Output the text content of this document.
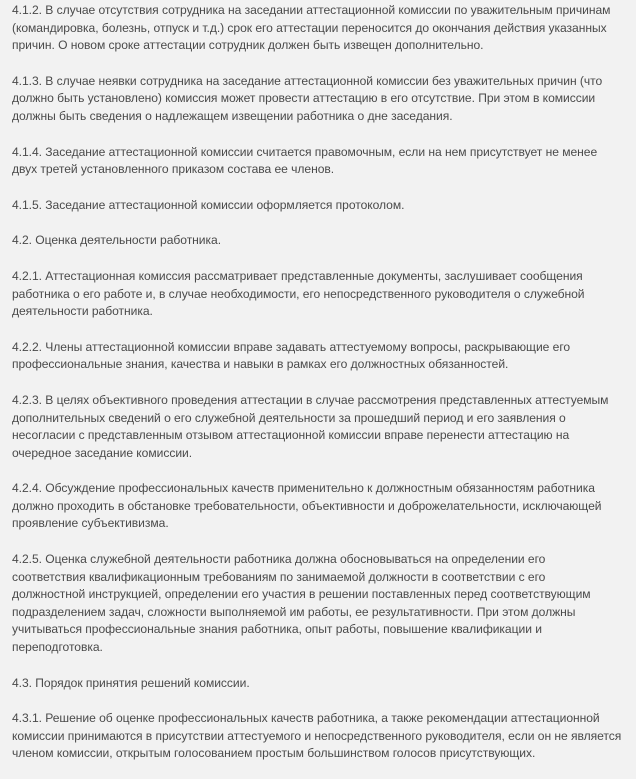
4.1.2. В случае отсутствия сотрудника на заседании аттестационной комиссии по уважительным причинам
(командировка, болезнь, отпуск и т.д.) срок его аттестации переносится до окончания действия указанных
причин. О новом сроке аттестации сотрудник должен быть извещен дополнительно.

4.1.3. В случае неявки сотрудника на заседание аттестационной комиссии без уважительных причин (что
должно быть установлено) комиссия может провести аттестацию в его отсутствие. При этом в комиссии
должны быть сведения о надлежащем извещении работника о дне заседания.

4.1.4. Заседание аттестационной комиссии считается правомочным, если на нем присутствует не менее
двух третей установленного приказом состава ее членов.

4.1.5. Заседание аттестационной комиссии оформляется протоколом.

4.2. Оценка деятельности работника.

4.2.1. Аттестационная комиссия рассматривает представленные документы, заслушивает сообщения
работника о его работе и, в случае необходимости, его непосредственного руководителя о служебной
деятельности работника.

4.2.2. Члены аттестационной комиссии вправе задавать аттестуемому вопросы, раскрывающие его
профессиональные знания, качества и навыки в рамках его должностных обязанностей.

4.2.3. В целях объективного проведения аттестации в случае рассмотрения представленных аттестуемым
дополнительных сведений о его служебной деятельности за прошедший период и его заявления о
несогласии с представленным отзывом аттестационной комиссии вправе перенести аттестацию на
очередное заседание комиссии.

4.2.4. Обсуждение профессиональных качеств применительно к должностным обязанностям работника
должно проходить в обстановке требовательности, объективности и доброжелательности, исключающей
проявление субъективизма.

4.2.5. Оценка служебной деятельности работника должна обосновываться на определении его
соответствия квалификационным требованиям по занимаемой должности в соответствии с его
должностной инструкцией, определении его участия в решении поставленных перед соответствующим
подразделением задач, сложности выполняемой им работы, ее результативности. При этом должны
учитываться профессиональные знания работника, опыт работы, повышение квалификации и
переподготовка.

4.3. Порядок принятия решений комиссии.

4.3.1. Решение об оценке профессиональных качеств работника, а также рекомендации аттестационной
комиссии принимаются в присутствии аттестуемого и непосредственного руководителя, если он не является
членом комиссии, открытым голосованием простым большинством голосов присутствующих.
